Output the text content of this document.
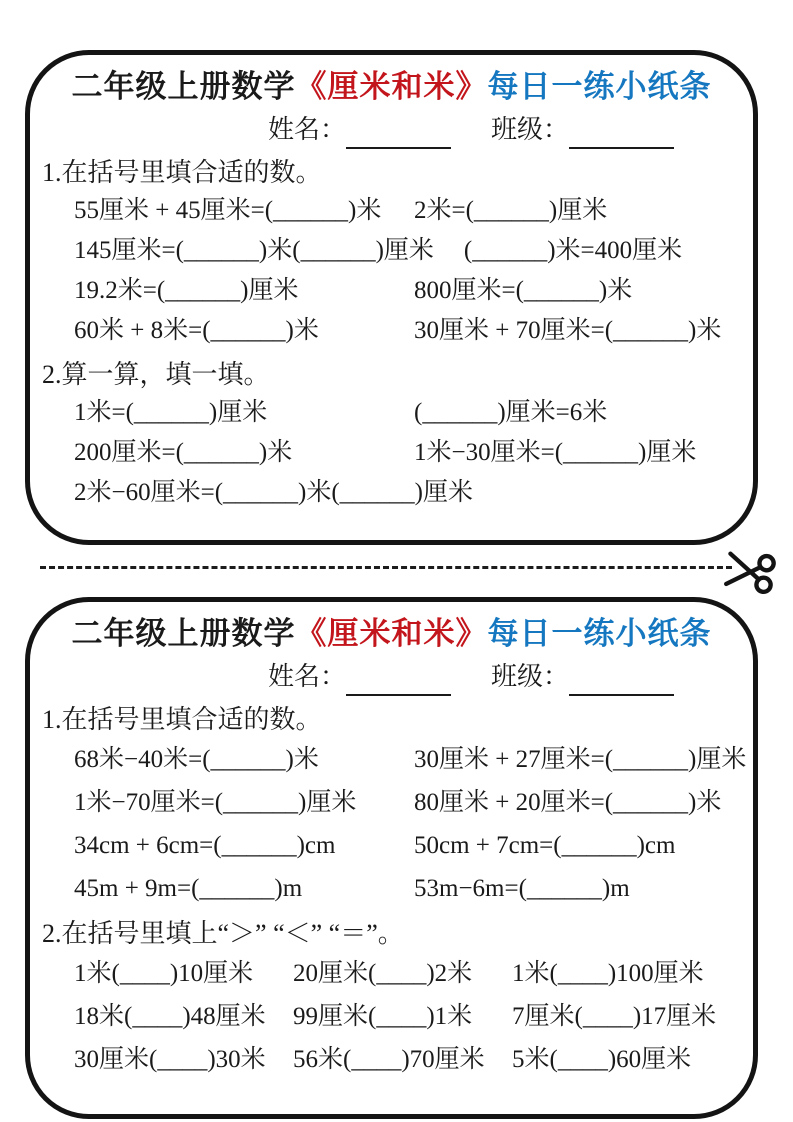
二年级上册数学《厘米和米》每日一练小纸条
姓名：	班级：
1.在括号里填合适的数。
55厘米 + 45厘米=(______)米 2米=(______)厘米
145厘米=(______)米(______)厘米 (______)米=400厘米
19.2米=(______)厘米	800厘米=(______)米
60米 + 8米=(______)米	30厘米 + 70厘米=(______)米
2.算一算，填一填。
1米=(______)厘米	(______)厘米=6米
200厘米=(______)米	1米−30厘米=(______)厘米
2米−60厘米=(______)米(______)厘米
二年级上册数学《厘米和米》每日一练小纸条
姓名：	班级：
1.在括号里填合适的数。
68米−40米=(______)米	30厘米 + 27厘米=(______)厘米
1米−70厘米=(______)厘米	80厘米 + 20厘米=(______)米
34cm + 6cm=(______)cm	50cm + 7cm=(______)cm
45m + 9m=(______)m	53m−6m=(______)m
2.在括号里填上“＞” “＜” “＝”。
1米(____)10厘米	20厘米(____)2米	1米(____)100厘米
18米(____)48厘米	99厘米(____)1米	7厘米(____)17厘米
30厘米(____)30米	56米(____)70厘米	5米(____)60厘米
